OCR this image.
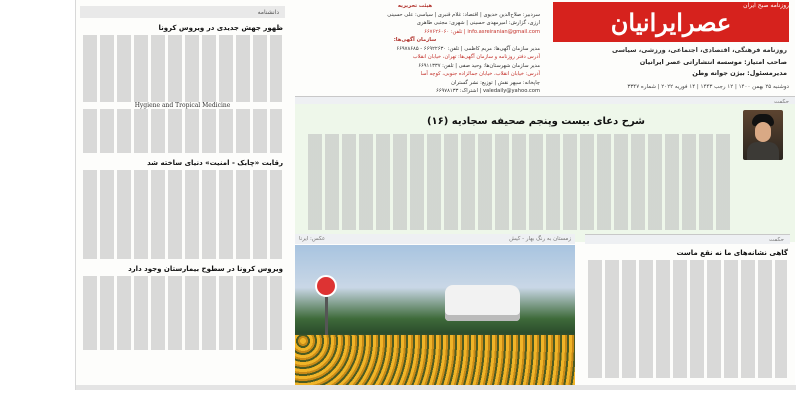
عصرایرانیان
روزنامه صبح ایران
روزنامه فرهنگی، اقتصادی، اجتماعی، ورزشی، سیاسی
صاحب امتیاز: موسسه انتشاراتی عصر ایرانیان
مدیرمسئول: بیژن جوانه وطن
دوشنبه ۲۵ بهمن ۱۴۰۰ | ۱۲ رجب ۱۴۴۳ | ۱۴ فوریه ۲۰۲۲ | شماره ۳۳۴۷
هیئت تحریریه

سردبیر: صلاح‌الدین خدیوی | اقتصاد: غلام قنبری | سیاسی: علی حسینی

ارزی، گزارش: امیرمهدی حسینی | شهری: مجتبی طاهری

info.asreiranian@gmail.com | تلفن: ۶۶۷۶۲۶۰۶۰

سازمان آگهی‌ها:

مدیر سازمان آگهی‌ها: مریم کاظمی | تلفن: ۶۶۹۲۲۶۳۰ - ۶۶۹۷۸۶۸۵

آدرس دفتر روزنامه و سازمان آگهی‌ها: تهران، خیابان انقلاب

مدیر سازمان شهرستان‌ها: وحید صفی | تلفن: ۶۶۹۱۱۳۳۷

آدرس: خیابان انقلاب، خیابان جمالزاده جنوبی، کوچه آسا

چاپخانه: سپهر نقش | توزیع: نشر گستران

valedaily@yahoo.com | اشتراک: ۶۶۹۷۸۱۳۳

دانشنامه
ظهور جهش جدیدی در ویروس کرونا
Hygiene and Tropical Medicine
رقابت «چابک - امنیت» دنیای ساخته شد
ویروس کرونا در سطوح بیمارستان وجود دارد
حکمت
شرح دعای بیست وپنجم صحیفه سجادیه (۱۶)
زمستان به رنگ بهار - کیش
عکس: ایرنا	حکمت
گاهی نشانه‌های ما نه نقع ماست
